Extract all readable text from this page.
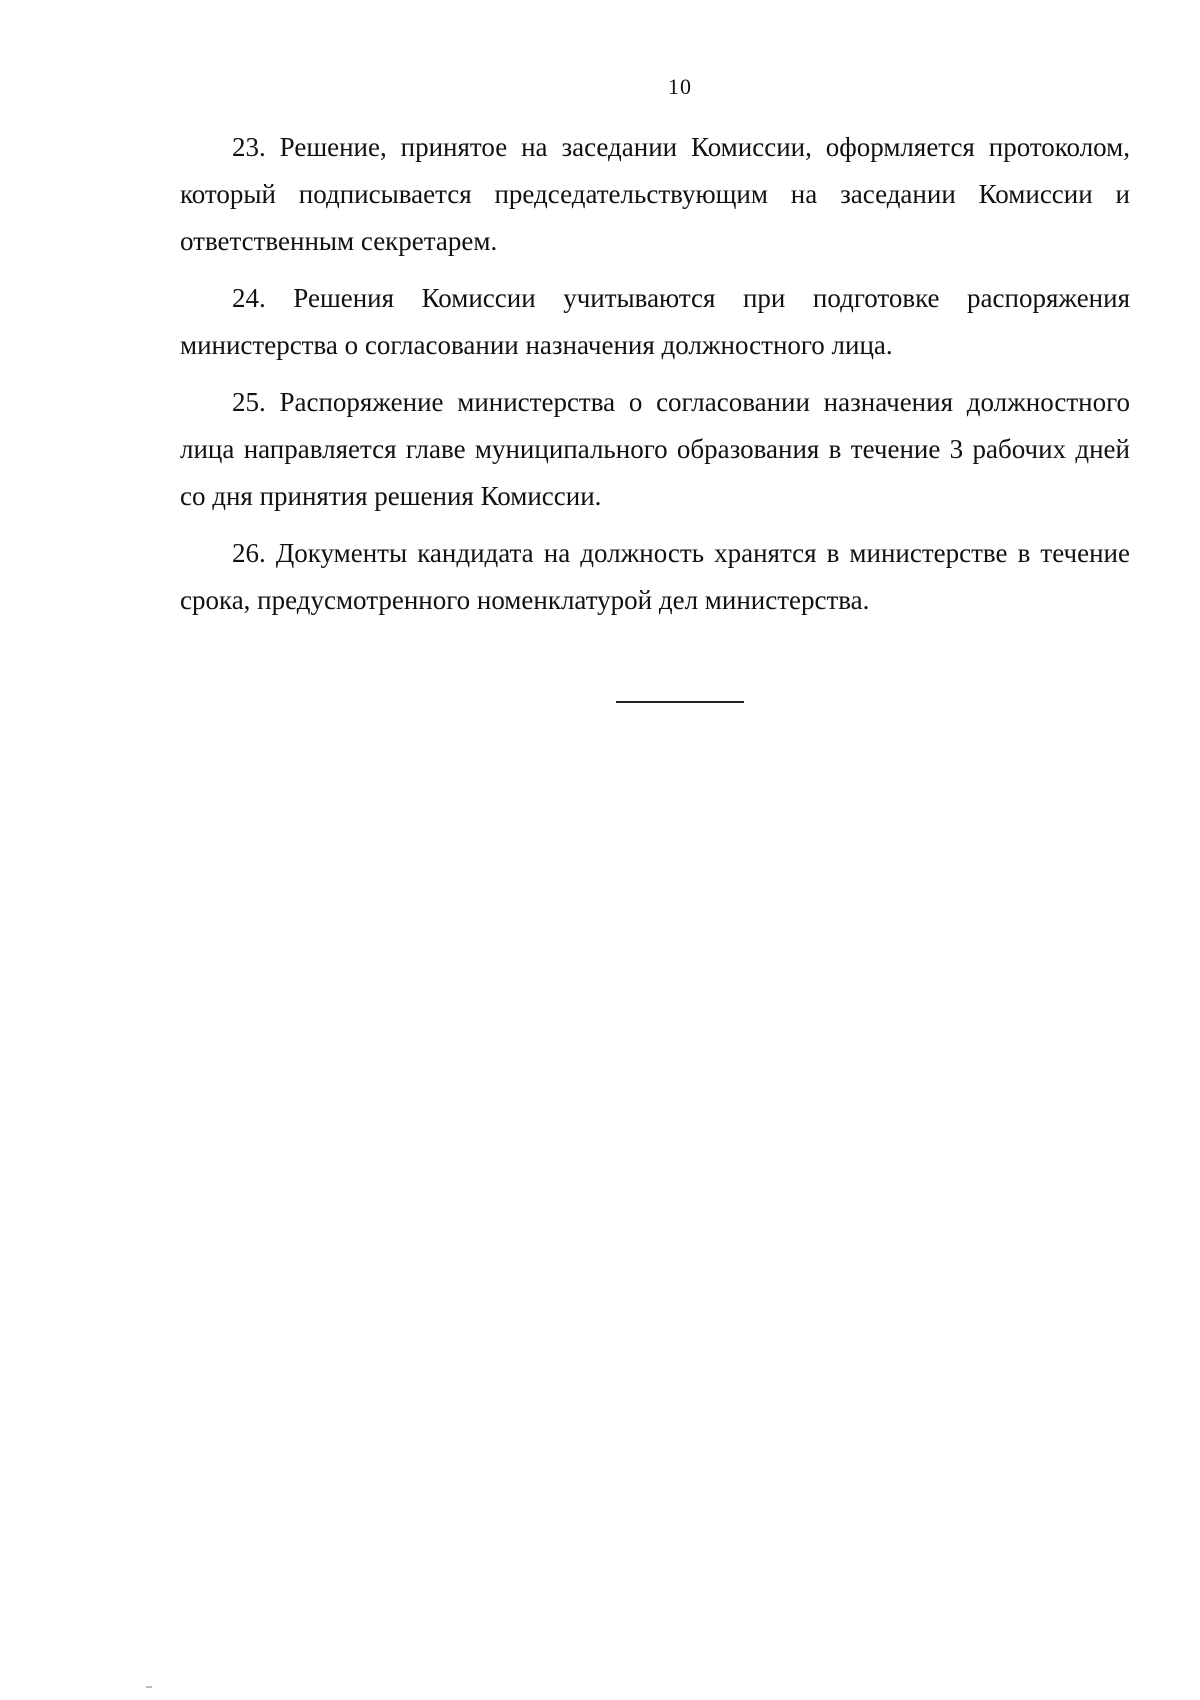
10

23. Решение, принятое на заседании Комиссии, оформляется протоколом, который подписывается председательствующим на заседании Комиссии и ответственным секретарем.

24. Решения Комиссии учитываются при подготовке распоряжения министерства о согласовании назначения должностного лица.

25. Распоряжение министерства о согласовании назначения должностного лица направляется главе муниципального образования в течение 3 рабочих дней со дня принятия решения Комиссии.

26. Документы кандидата на должность хранятся в министерстве в течение срока, предусмотренного номенклатурой дел министерства.
